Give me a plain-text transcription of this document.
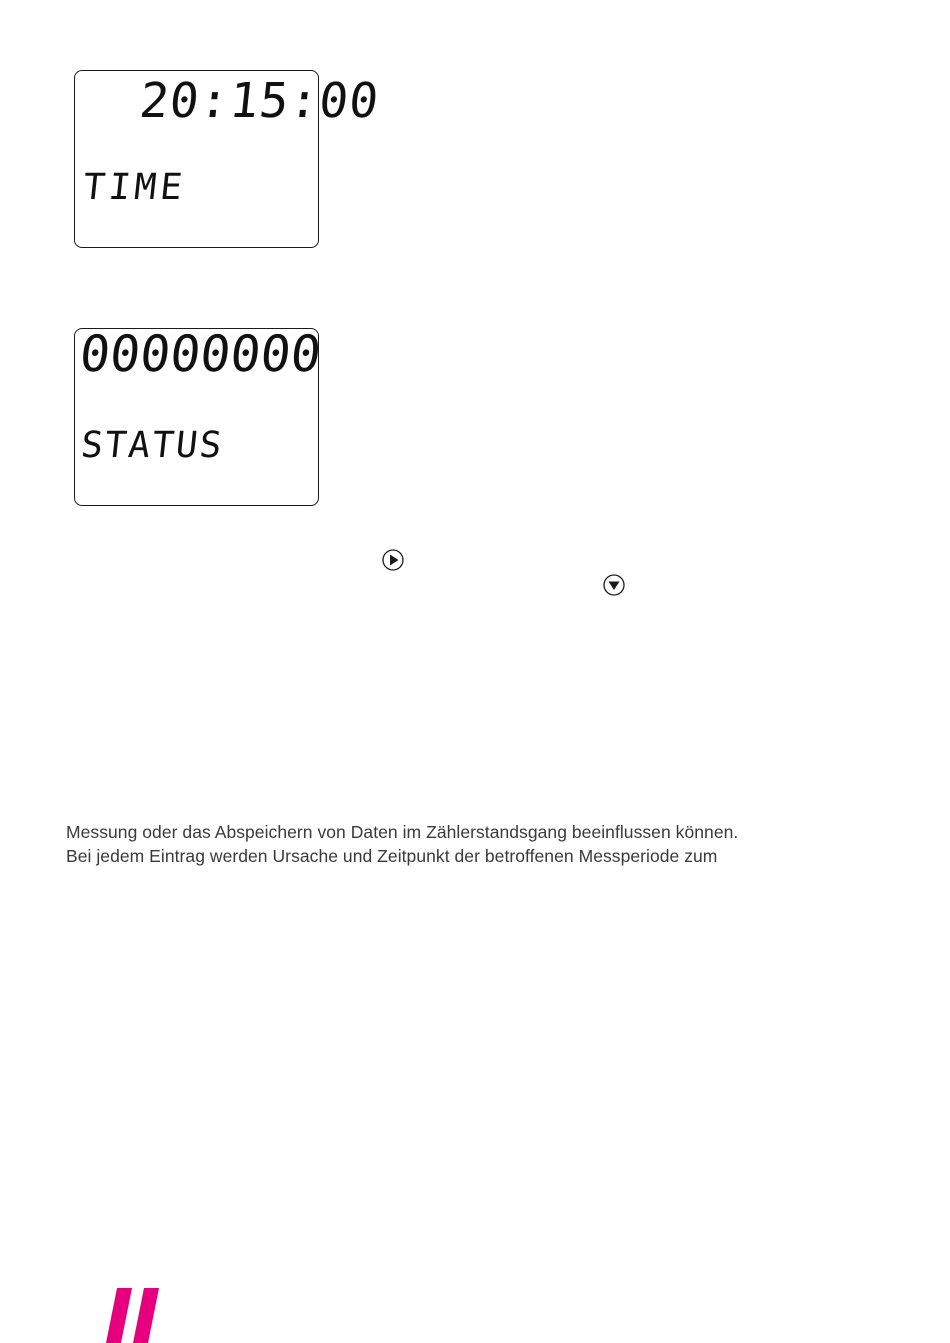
20:15:00
TIME
00000000
STATUS
Messung oder das Abspeichern von Daten im Zählerstandsgang beeinflussen können.
Bei jedem Eintrag werden Ursache und Zeitpunkt der betroffenen Messperiode zum
